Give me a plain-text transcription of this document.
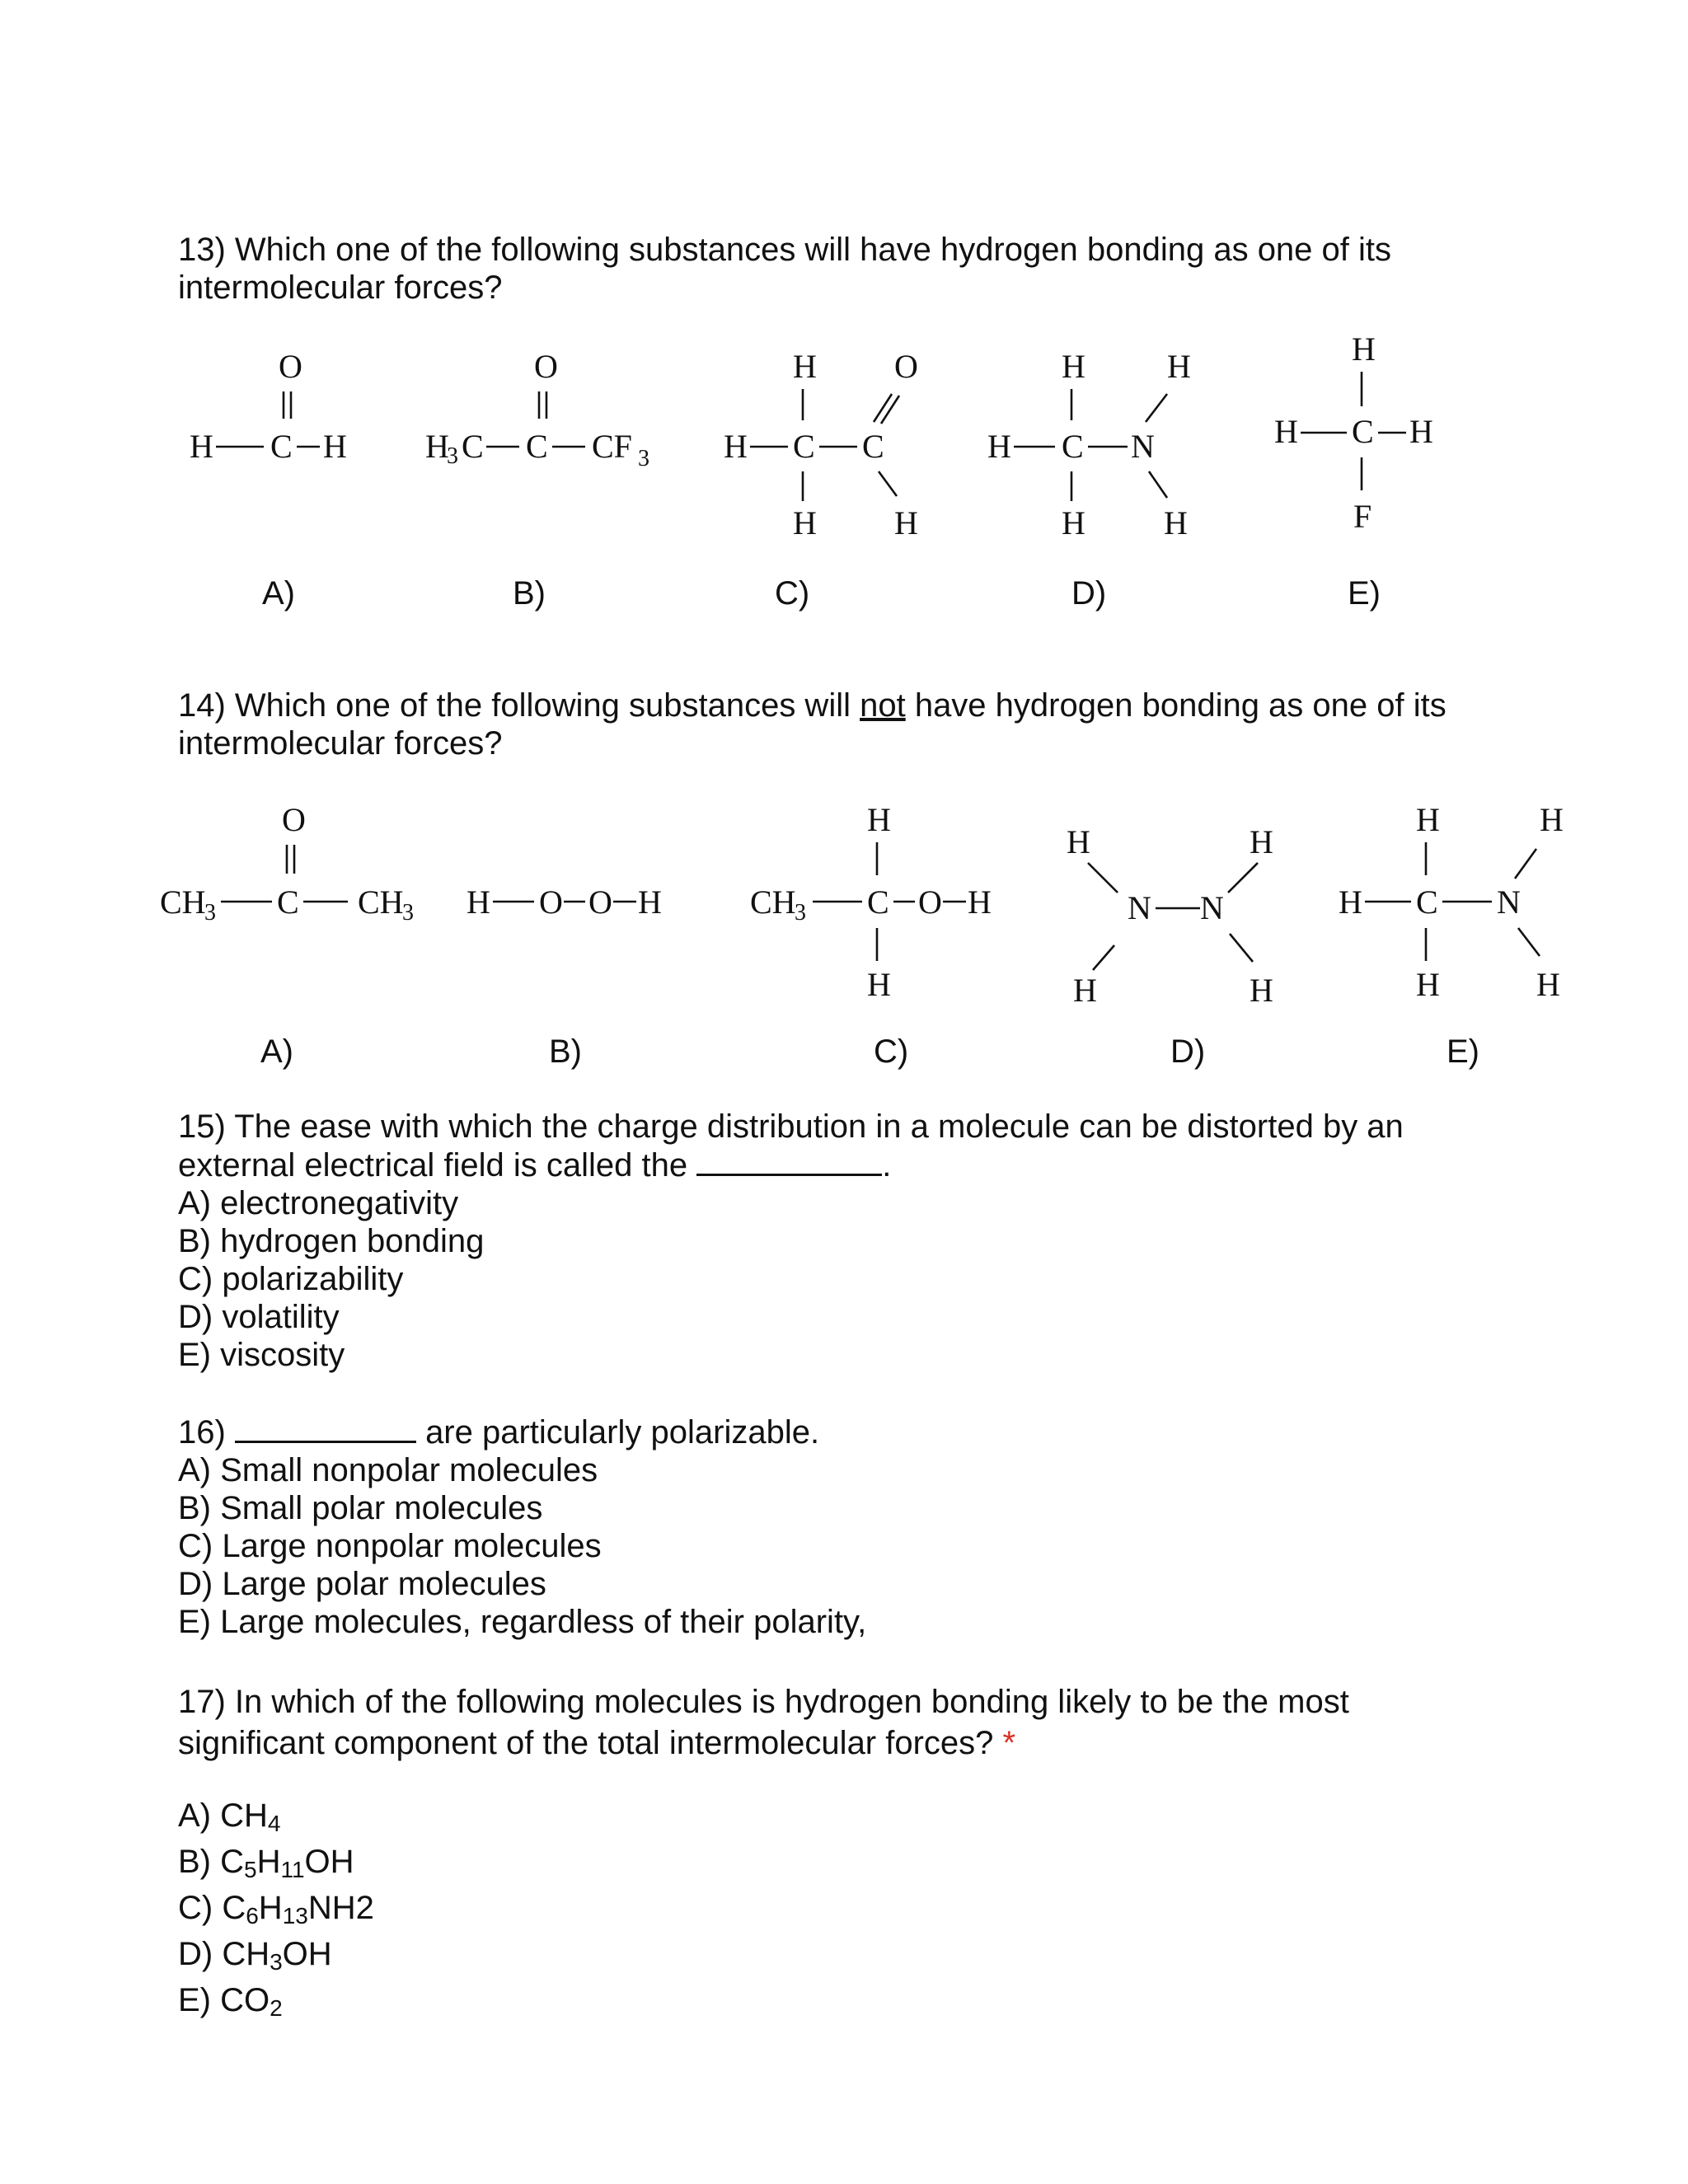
13) Which one of the following substances will have hydrogen bonding as one of its
intermolecular forces?
O
H C H
O
H
3 C C CF 3
H O
H C C
H H
H H
H C N
H H
H
H C H
F
A)	B)	C)	D)	E)
14) Which one of the following substances will not have hydrogen bonding as one of its
intermolecular forces?
O
CH
3 C CH
3 H O O H
H
CH
3 C O H
H
H	H
N N
H	H
H	H
H C N
H	H
A)	B)	C)	D)	E)
15) The ease with which the charge distribution in a molecule can be distorted by an
external electrical field is called the	.
A) electronegativity
B) hydrogen bonding
C) polarizability
D) volatility
E) viscosity
16)	are particularly polarizable.
A) Small nonpolar molecules
B) Small polar molecules
C) Large nonpolar molecules
D) Large polar molecules
E) Large molecules, regardless of their polarity,
17) In which of the following molecules is hydrogen bonding likely to be the most
significant component of the total intermolecular forces? *
A) $CH_4$
B) $C_5H_{11}OH$
C) $C_6H_{13}NH2$
D) $CH_3OH$
E) $CO_2$
